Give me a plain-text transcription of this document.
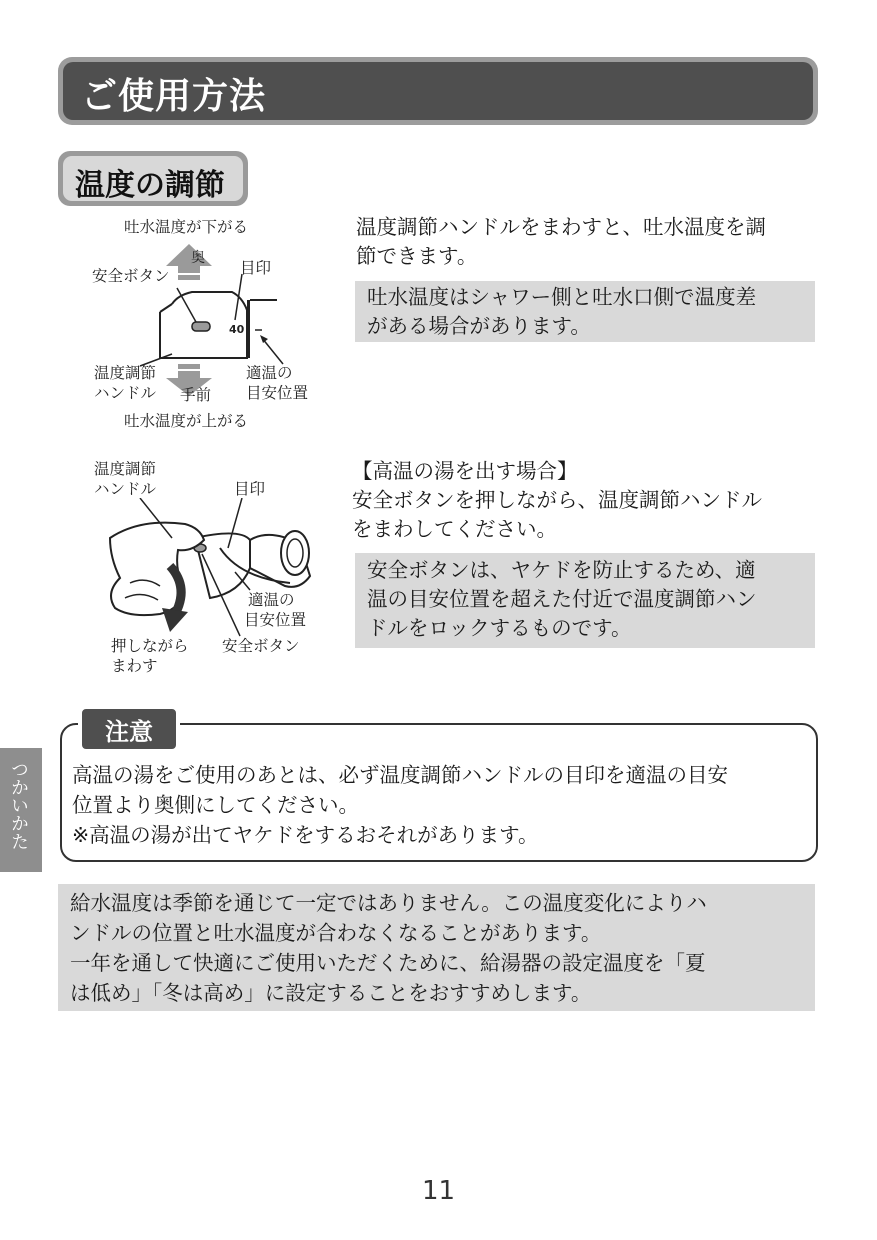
ご使用方法
温度の調節
吐水温度が下がる
奥
安全ボタン	目印
40
温度調節
ハンドル 手前
適温の
目安位置
吐水温度が上がる
温度調節ハンドルをまわすと、吐水温度を調
節できます。
吐水温度はシャワー側と吐水口側で温度差
がある場合があります。
温度調節
ハンドル	目印
適温の
目安位置
押しながら
まわす
安全ボタン
【高温の湯を出す場合】
安全ボタンを押しながら、温度調節ハンドル
をまわしてください。
安全ボタンは、ヤケドを防止するため、適
温の目安位置を超えた付近で温度調節ハン
ドルをロックするものです。
注意
高温の湯をご使用のあとは、必ず温度調節ハンドルの目印を適温の目安
位置より奥側にしてください。
※高温の湯が出てヤケドをするおそれがあります。
つかいかた
給水温度は季節を通じて一定ではありません。この温度変化によりハ
ンドルの位置と吐水温度が合わなくなることがあります。
一年を通して快適にご使用いただくために、給湯器の設定温度を「夏
は低め」「冬は高め」に設定することをおすすめします。
11
